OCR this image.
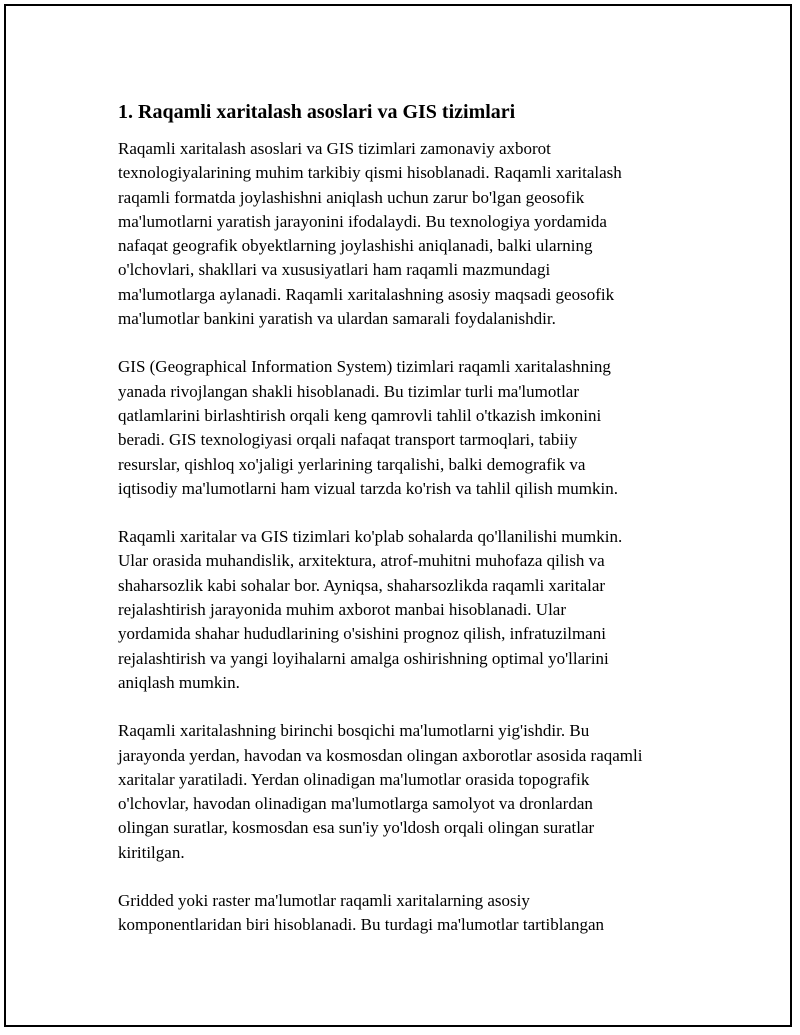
1. Raqamli xaritalash asoslari va GIS tizimlari

Raqamli xaritalash asoslari va GIS tizimlari zamonaviy axborot
texnologiyalarining muhim tarkibiy qismi hisoblanadi. Raqamli xaritalash
raqamli formatda joylashishni aniqlash uchun zarur bo'lgan geosofik
ma'lumotlarni yaratish jarayonini ifodalaydi. Bu texnologiya yordamida
nafaqat geografik obyektlarning joylashishi aniqlanadi, balki ularning
o'lchovlari, shakllari va xususiyatlari ham raqamli mazmundagi
ma'lumotlarga aylanadi. Raqamli xaritalashning asosiy maqsadi geosofik
ma'lumotlar bankini yaratish va ulardan samarali foydalanishdir.

GIS (Geographical Information System) tizimlari raqamli xaritalashning
yanada rivojlangan shakli hisoblanadi. Bu tizimlar turli ma'lumotlar
qatlamlarini birlashtirish orqali keng qamrovli tahlil o'tkazish imkonini
beradi. GIS texnologiyasi orqali nafaqat transport tarmoqlari, tabiiy
resurslar, qishloq xo'jaligi yerlarining tarqalishi, balki demografik va
iqtisodiy ma'lumotlarni ham vizual tarzda ko'rish va tahlil qilish mumkin.

Raqamli xaritalar va GIS tizimlari ko'plab sohalarda qo'llanilishi mumkin.
Ular orasida muhandislik, arxitektura, atrof-muhitni muhofaza qilish va
shaharsozlik kabi sohalar bor. Ayniqsa, shaharsozlikda raqamli xaritalar
rejalashtirish jarayonida muhim axborot manbai hisoblanadi. Ular
yordamida shahar hududlarining o'sishini prognoz qilish, infratuzilmani
rejalashtirish va yangi loyihalarni amalga oshirishning optimal yo'llarini
aniqlash mumkin.

Raqamli xaritalashning birinchi bosqichi ma'lumotlarni yig'ishdir. Bu
jarayonda yerdan, havodan va kosmosdan olingan axborotlar asosida raqamli
xaritalar yaratiladi. Yerdan olinadigan ma'lumotlar orasida topografik
o'lchovlar, havodan olinadigan ma'lumotlarga samolyot va dronlardan
olingan suratlar, kosmosdan esa sun'iy yo'ldosh orqali olingan suratlar
kiritilgan.

Gridded yoki raster ma'lumotlar raqamli xaritalarning asosiy
komponentlaridan biri hisoblanadi. Bu turdagi ma'lumotlar tartiblangan
